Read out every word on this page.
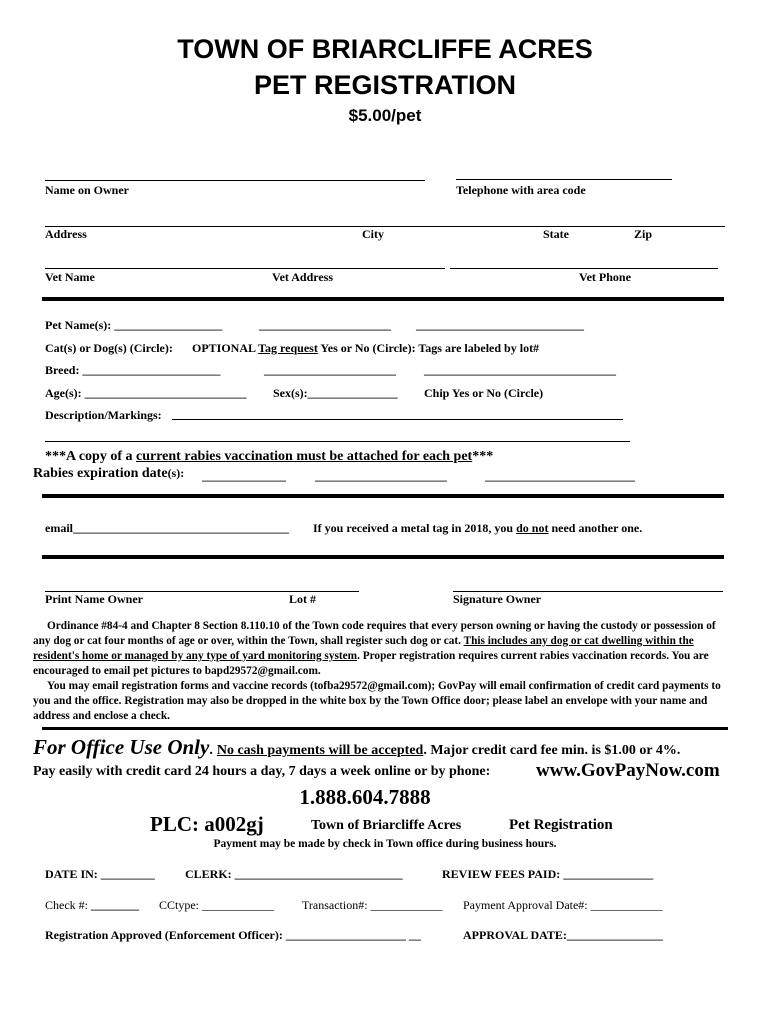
TOWN OF BRIARCLIFFE ACRES
PET REGISTRATION
$5.00/pet
Name on Owner	Telephone with area code
Address	City	State	Zip
Vet Name	Vet Address	Vet Phone
Pet Name(s): __________________	______________________ ____________________________
Cat(s) or Dog(s) (Circle): OPTIONAL Tag request Yes or No (Circle): Tags are labeled by lot#
Breed: _______________________	______________________ ________________________________
Age(s): ___________________________ Sex(s):_______________ Chip Yes or No (Circle)
Description/Markings:
***A copy of a current rabies vaccination must be attached for each pet***
Rabies expiration date(s): ______________ ______________________	_________________________
email____________________________________ If you received a metal tag in 2018, you do not need another one.
Print Name Owner	Lot #	Signature Owner
Ordinance #84-4 and Chapter 8 Section 8.110.10 of the Town code requires that every person owning or having the custody or possession of any dog or cat four months of age or over, within the Town, shall register such dog or cat. This includes any dog or cat dwelling within the resident's home or managed by any type of yard monitoring system. Proper registration requires current rabies vaccination records. You are encouraged to email pet pictures to bapd29572@gmail.com.
You may email registration forms and vaccine records (tofba29572@gmail.com); GovPay will email confirmation of credit card payments to you and the office. Registration may also be dropped in the white box by the Town Office door; please label an envelope with your name and address and enclose a check.
For Office Use Only. No cash payments will be accepted. Major credit card fee min. is $1.00 or 4%.
Pay easily with credit card 24 hours a day, 7 days a week online or by phone: www.GovPayNow.com
1.888.604.7888
PLC: a002gj	Town of Briarcliffe Acres	Pet Registration
Payment may be made by check in Town office during business hours.
DATE IN: _________	CLERK: ____________________________	REVIEW FEES PAID: _______________
Check #: ________ CCtype: ____________ Transaction#: ____________ Payment Approval Date#: ____________
Registration Approved (Enforcement Officer): ____________________ __	APPROVAL DATE:________________
